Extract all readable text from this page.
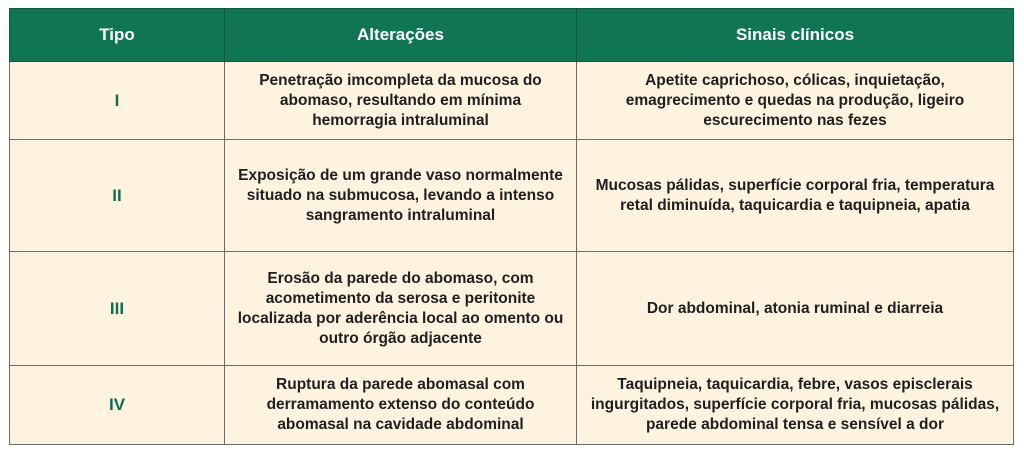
Tipo	Alterações	Sinais clínicos
I	Penetração imcompleta da mucosa do abomaso, resultando em mínima hemorragia intraluminal	Apetite caprichoso, cólicas, inquietação, emagrecimento e quedas na produção, ligeiro escurecimento nas fezes
II	Exposição de um grande vaso normalmente situado na submucosa, levando a intenso sangramento intraluminal	Mucosas pálidas, superfície corporal fria, temperatura retal diminuída, taquicardia e taquipneia, apatia
III	Erosão da parede do abomaso, com acometimento da serosa e peritonite localizada por aderência local ao omento ou outro órgão adjacente	Dor abdominal, atonia ruminal e diarreia
IV	Ruptura da parede abomasal com derramamento extenso do conteúdo abomasal na cavidade abdominal	Taquipneia, taquicardia, febre, vasos episclerais ingurgitados, superfície corporal fria, mucosas pálidas, parede abdominal tensa e sensível a dor
